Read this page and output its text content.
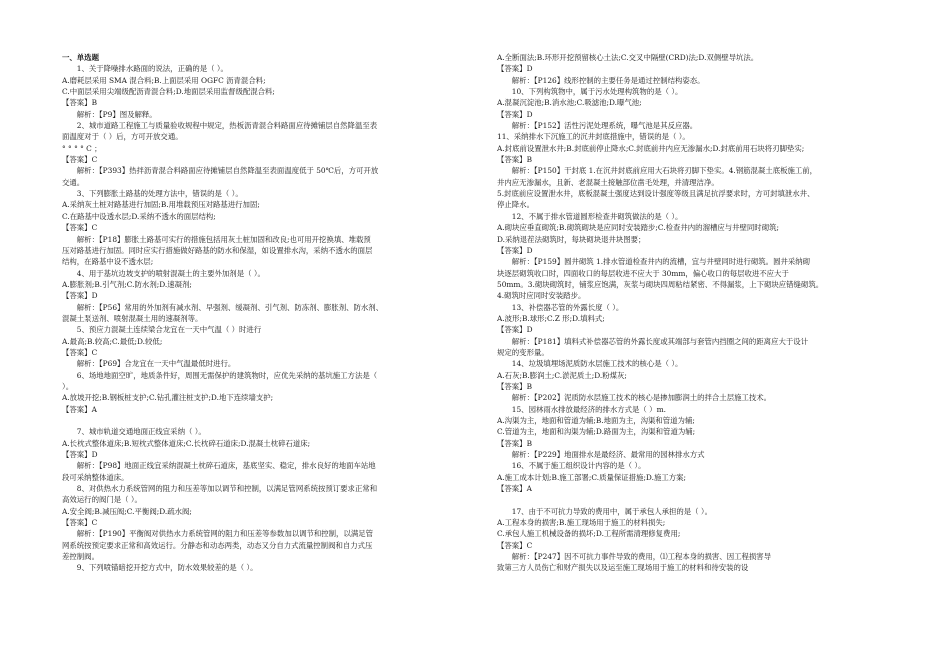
一、单选题
　　1、关于降噪排水路面的说法，正确的是（ ）。
A.磨耗层采用 SMA 混合料;B.上面层采用 OGFC 沥青混合料;
C.中面层采用尖端级配沥青混合料;D.地面层采用监督级配混合料;
【答案】B
　　解析：【P9】图及解释。
　　2、城市道路工程施工与质量验收规程中规定，热板沥青混合料路面应待摊铺层自然降温至表
面温度对于（ ）后，方可开放交通。
° ° ° ° C ；
【答案】C
　　解析：【P393】热拌沥青混合料路面应待摊铺层自然降温至表面温度低于 50℃后，方可开放
交通。
　　3、下列膨胀土路基的处理方法中，错误的是（ ）。
A.采纳灰土桩对路基进行加固;B.用堆载预压对路基进行加固;
C.在路基中设透水层;D.采纳不透水的面层结构;
【答案】C
　　解析：【P18】膨胀土路基可实行的措施包括用灰土桩加固和改良;也可用开挖换填、堆载预
压对路基进行加固。同时应实行措施做好路基的防水和保湿，如设置排水沟，采纳不透水的面层
结构，在路基中设不透水层;
　　4、用于基坑边坡支护的喷射混凝土的主要外加剂是（ ）。
A.膨胀剂;B.引气剂;C.防水剂;D.速凝剂;
【答案】D
　　解析：【P56】常用的外加剂有减水剂、早强剂、缓凝剂、引气剂、防冻剂、膨胀剂、防水剂、
混凝土泵送剂、喷射混凝土用的速凝剂等。
　　5、预应力混凝土连续梁合龙宜在一天中气温（ ）时进行
A.最高;B.较高;C.最低;D.较低;
【答案】C
　　解析：【P69】合龙宜在一天中气温最低时进行。
　　6、场地地面空旷，地质条件好，周围无需保护的建筑物时，应优先采纳的基坑施工方法是（
）。
A.放坡开挖;B.钢板桩支护;C.钻孔灌注桩支护;D.地下连续墙支护;
【答案】A
　　7、城市轨道交通地面正线宜采纳（ ）。
A.长枕式整体道床;B.短枕式整体道床;C.长枕碎石道床;D.混凝土枕碎石道床;
【答案】D
　　解析：【P98】地面正线宜采纳混凝土枕碎石道床，基底坚实、稳定，排水良好的地面车站地
段可采纳整体道床。
　　8、对供热水力系统管网的阻力和压差等加以调节和控制，以满足管网系统按预订要求正常和
高效运行的阀门是（ ）。
A.安全阀;B.减压阀;C.平衡阀;D.疏水阀;
【答案】C
　　解析：【P190】平衡阀对供热水力系统管网的阻力和压差等参数加以调节和控制，以满足管
网系统按预定要求正常和高效运行。分静态和动态两类，动态又分自力式流量控制阀和自力式压
差控制阀。
　　9、下列喷锚暗挖开挖方式中，防水效果较差的是（ ）。
A.全断面法;B.环形开挖预留核心土法;C.交叉中隔壁(CRD)法;D.双侧壁导坑法。
【答案】D
　　解析：【P126】线形控制的主要任务是通过控制结构姿态。
　　10、下列构筑物中，属于污水处理构筑物的是（ ）。
A.混凝沉淀池;B.消水池;C.吸滤池;D.曝气池;
【答案】D
　　解析：【P152】活性污泥处理系统，曝气池是其反应器。
11、采纳排水下沉施工的沉井封底措施中，错误的是（ ）。
A.封底前设置泄水井;B.封底前停止降水;C.封底前井内应无渗漏水;D.封底前用石块将刃脚垫实;
【答案】B
　　解析：【P150】干封底 1.在沉井封底前应用大石块将刃脚下垫实。4.钢筋混凝土底板施工前，
井内应无渗漏水，且新、老混凝土接触部位凿毛处理，并清理洁净。
5.封底前应设置泄水井，底板混凝土强度达到设计强度等级且满足抗浮要求时，方可封填泄水井、
停止降水。
　　12、不属于排水管道圆形检查井砌筑做法的是（ ）。
A.砌块应垂直砌筑;B.砌筑砌块是应同时安装踏步;C.检查井内的溜槽应与井壁同时砌筑;
D.采纳退茬法砌筑时，每块砌块退井块图要；
【答案】D
　　解析：【P159】圆井砌筑 1.排水管道检查井内的流槽，宜与井壁同时进行砌筑。圆井采纳砌
块逐层砌筑收口时，四面收口的每层收进不应大于 30mm，偏心收口的每层收进不应大于
50mm。3.砌块砌筑时，铺浆应饱满，灰浆与砌块四周粘结紧密、不得漏浆，上下砌块应错缝砌筑。
4.砌筑时应同时安装踏步。
　　13、补偿器芯管的外露长度（ ）。
A.波形;B.球形;C.Z 形;D.填料式;
【答案】D
　　解析：【P181】填料式补偿器芯管的外露长度或其端部与套管内挡圈之间的距离应大于设计
规定的变形量。
　　14、垃圾填埋场泥质防水层施工技术的核心是（ ）。
A.石灰;B.膨润土;C.淤泥质土;D.粉煤灰;
【答案】B
　　解析：【P202】泥质防水层施工技术的核心是掺加膨润土的拌合土层施工技术。
　　15、园林雨水排放最经济的排水方式是（ ）m.
A.沟渠为主，地面和管道为辅;B.地面为主，沟渠和管道为辅;
C.管道为主，地面和沟渠为辅;D.路面为主，沟渠和管道为辅;
【答案】B
　　解析：【P229】地面排水是最经济、最常用的园林排水方式
　　16、不属于施工组织设计内容的是（ ）。
A.施工成本计划;B.施工部署;C.质量保证措施;D.施工方案;
【答案】A
　　17、由于不可抗力导致的费用中，属于承包人承担的是（ ）。
A.工程本身的损害;B.施工现场用于施工的材料损失;
C.承包人施工机械设备的损坏;D.工程所需清理修复费用;
【答案】C
　　解析：【P247】因不可抗力事件导致的费用，⑴工程本身的损害、因工程损害导
致第三方人员伤亡和财产损失以及运至施工现场用于施工的材料和待安装的设
